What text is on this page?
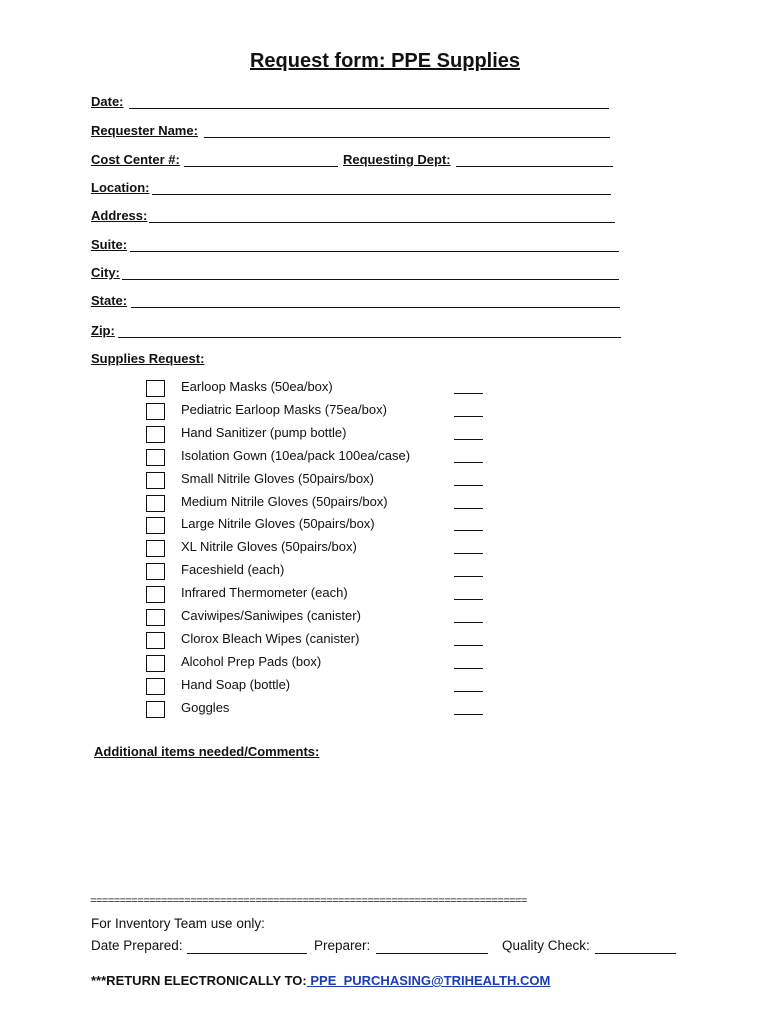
Request form: PPE Supplies
Date:
Requester Name:
Cost Center #:	Requesting Dept:
Location:
Address:
Suite:
City:
State:
Zip:
Supplies Request:
Earloop Masks (50ea/box)
Pediatric Earloop Masks (75ea/box)
Hand Sanitizer (pump bottle)
Isolation Gown (10ea/pack 100ea/case)
Small Nitrile Gloves (50pairs/box)
Medium Nitrile Gloves (50pairs/box)
Large Nitrile Gloves (50pairs/box)
XL Nitrile Gloves (50pairs/box)
Faceshield (each)
Infrared Thermometer (each)
Caviwipes/Saniwipes (canister)
Clorox Bleach Wipes (canister)
Alcohol Prep Pads (box)
Hand Soap (bottle)
Goggles
Additional items needed/Comments:
==========================================================================
For Inventory Team use only:
Date Prepared:	Preparer:	Quality Check:
***RETURN ELECTRONICALLY TO: PPE_PURCHASING@TRIHEALTH.COM
